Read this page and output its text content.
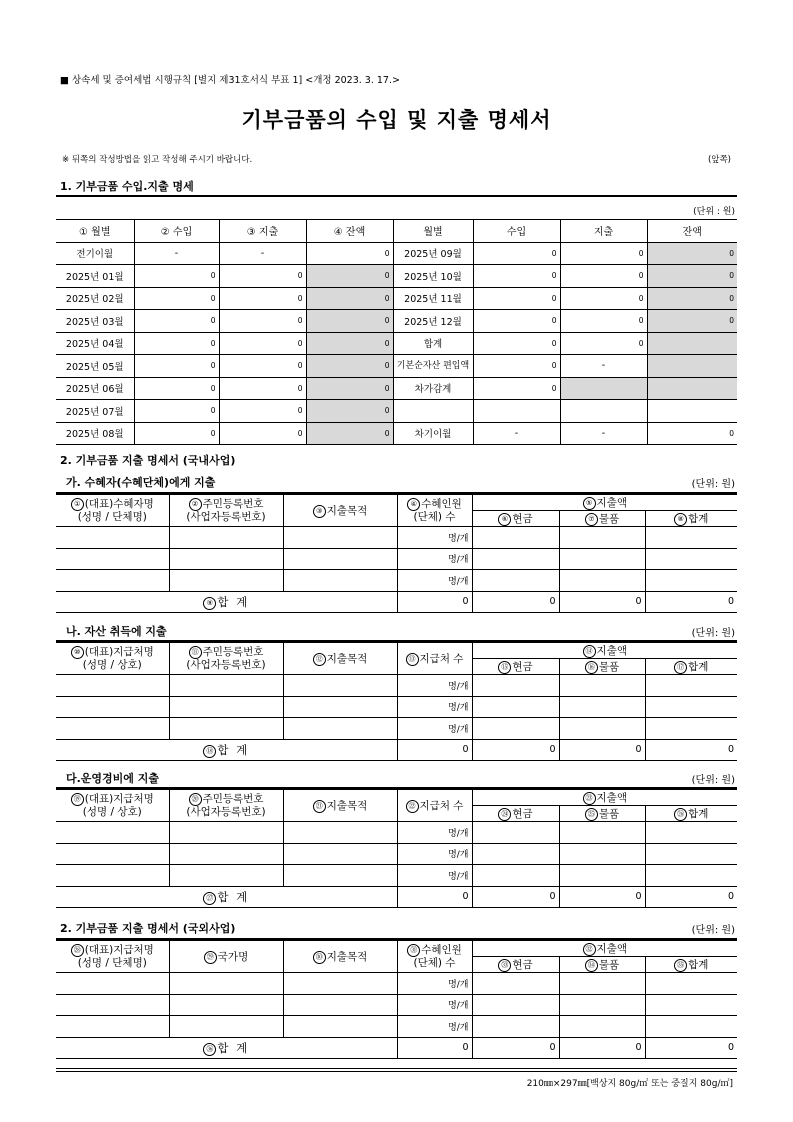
■ 상속세 및 증여세법 시행규칙 [별지 제31호서식 부표 1] <개정 2023. 3. 17.>
기부금품의 수입 및 지출 명세서
※ 뒤쪽의 작성방법을 읽고 작성해 주시기 바랍니다.	(앞쪽)
1. 기부금품 수입.지출 명세
(단위 : 원)
① 월별	② 수입	③ 지출	④ 잔액	월별	수입	지출	잔액
전기이월	-	-	0	2025년 09월	0	0	0
2025년 01월	0	0	0	2025년 10월	0	0	0
2025년 02월	0	0	0	2025년 11월	0	0	0
2025년 03월	0	0	0	2025년 12월	0	0	0
2025년 04월	0	0	0	합계	0	0	
2025년 05월	0	0	0	기본순자산 편입액	0	-	
2025년 06월	0	0	0	차가감계	0		
2025년 07월	0	0	0				
2025년 08월	0	0	0	차기이월	-	-	0
2. 기부금품 지출 명세서 (국내사업)
가. 수혜자(수혜단체)에게 지출	(단위: 원)
① (대표)수혜자명
(성명 / 단체명)	② 주민등록번호
(사업자등록번호)	③ 지출목적	④ 수혜인원
(단체) 수	⑤ 지출액		
				⑥ 현금	⑦ 물품	⑧ 합계
			명/개			
			명/개			
			명/개			
⑨ 합 계			0	0	0	0
나. 자산 취득에 지출	(단위: 원)
⑩ (대표)지급처명
(성명 / 상호)	⑪ 주민등록번호
(사업자등록번호)	⑫ 지출목적	⑬ 지급처 수	⑭ 지출액		
				⑮ 현금	⑯ 물품	⑰ 합계
			명/개			
			명/개			
			명/개			
⑱ 합 계			0	0	0	0
다.운영경비에 지출	(단위: 원)
⑲ (대표)지급처명
(성명 / 상호)	⑳ 주민등록번호
(사업자등록번호)	㉑ 지출목적	㉒ 지급처 수	㉓ 지출액		
				㉔ 현금	㉕ 물품	㉖ 합계
			명/개			
			명/개			
			명/개			
㉗ 합 계			0	0	0	0
2. 기부금품 지출 명세서 (국외사업)	(단위: 원)
㉘ (대표)지급처명
(성명 / 단체명)	㉙ 국가명	㉚ 지출목적	㉛ 수혜인원
(단체) 수	㉜ 지출액		
				㉝ 현금	㉞ 물품	㉟ 합계
			명/개			
			명/개			
			명/개			
㊱ 합 계			0	0	0	0
210㎜×297㎜[백상지 80g/㎡ 또는 중질지 80g/㎡]
